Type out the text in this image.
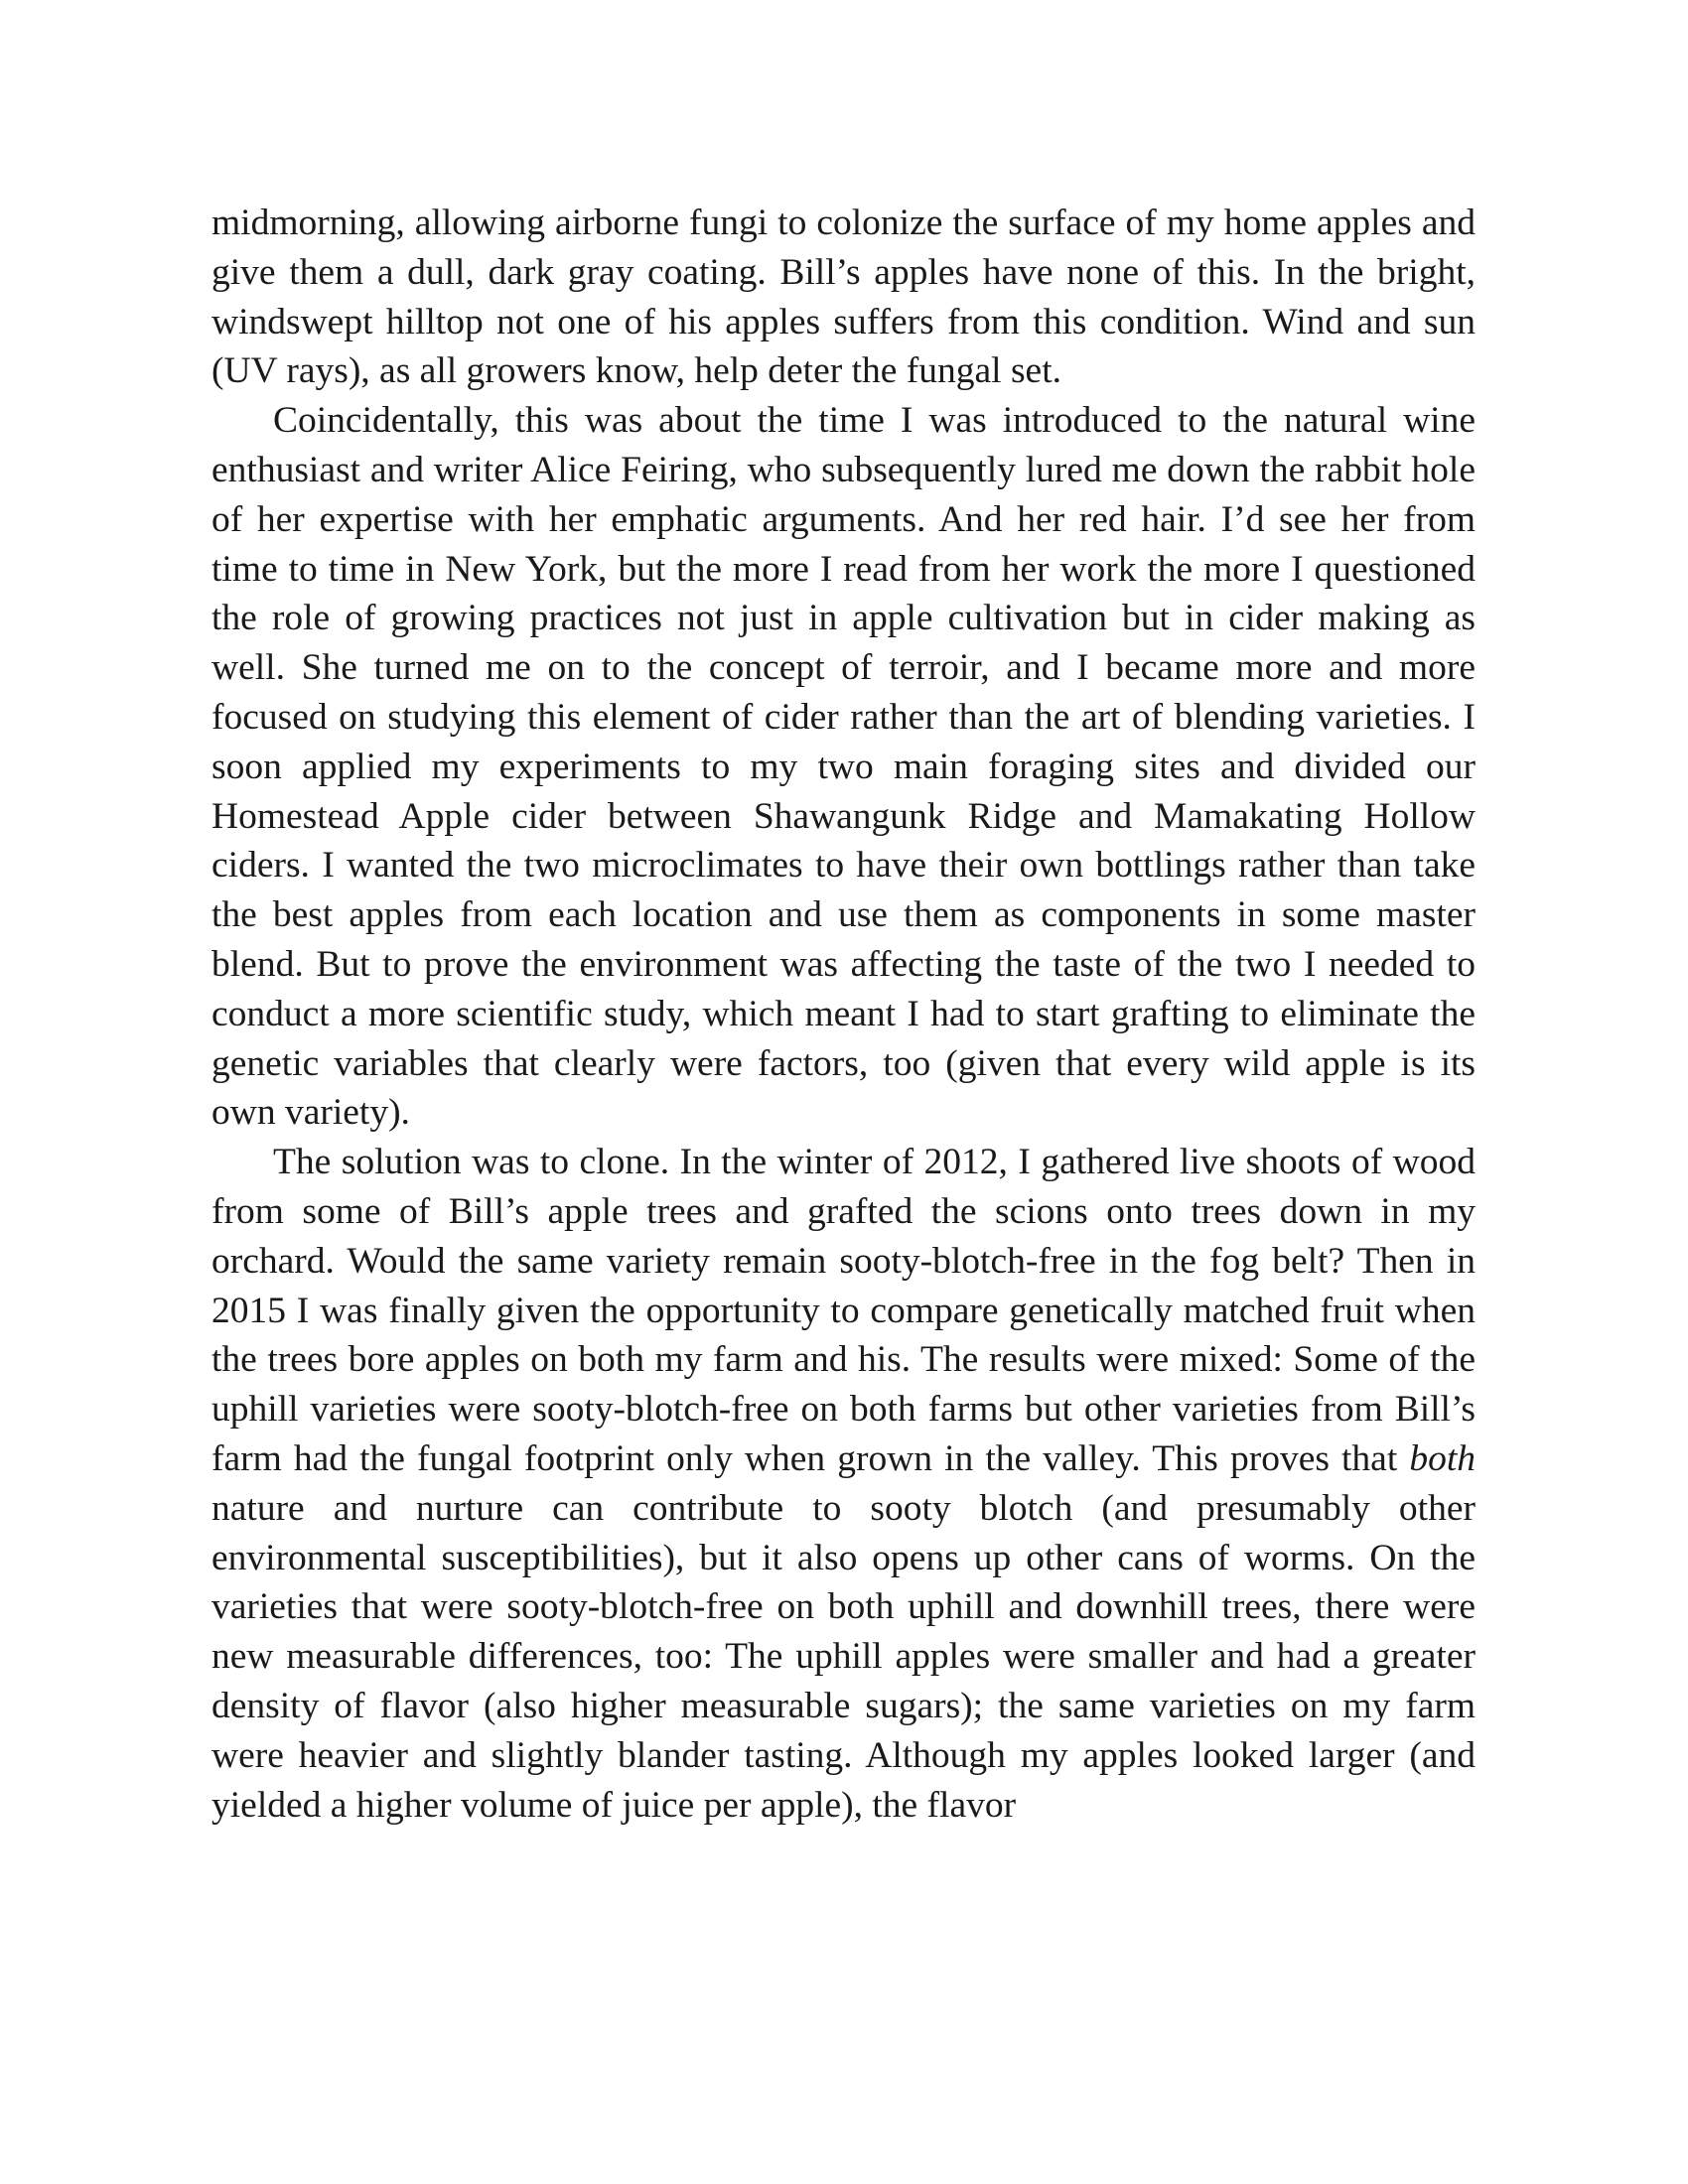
midmorning, allowing airborne fungi to colonize the surface of my home apples and give them a dull, dark gray coating. Bill’s apples have none of this. In the bright, windswept hilltop not one of his apples suffers from this condition. Wind and sun (UV rays), as all growers know, help deter the fungal set.

Coincidentally, this was about the time I was introduced to the natural wine enthusiast and writer Alice Feiring, who subsequently lured me down the rabbit hole of her expertise with her emphatic arguments. And her red hair. I’d see her from time to time in New York, but the more I read from her work the more I questioned the role of growing practices not just in apple cultivation but in cider making as well. She turned me on to the concept of terroir, and I became more and more focused on studying this element of cider rather than the art of blending varieties. I soon applied my experiments to my two main foraging sites and divided our Homestead Apple cider between Shawangunk Ridge and Mamakating Hollow ciders. I wanted the two microclimates to have their own bottlings rather than take the best apples from each location and use them as components in some master blend. But to prove the environment was affecting the taste of the two I needed to conduct a more scientific study, which meant I had to start grafting to eliminate the genetic variables that clearly were factors, too (given that every wild apple is its own variety).

The solution was to clone. In the winter of 2012, I gathered live shoots of wood from some of Bill’s apple trees and grafted the scions onto trees down in my orchard. Would the same variety remain sooty-blotch-free in the fog belt? Then in 2015 I was finally given the opportunity to compare genetically matched fruit when the trees bore apples on both my farm and his. The results were mixed: Some of the uphill varieties were sooty-blotch-free on both farms but other varieties from Bill’s farm had the fungal footprint only when grown in the valley. This proves that both nature and nurture can contribute to sooty blotch (and presumably other environmental susceptibilities), but it also opens up other cans of worms. On the varieties that were sooty-blotch-free on both uphill and downhill trees, there were new measurable differences, too: The uphill apples were smaller and had a greater density of flavor (also higher measurable sugars); the same varieties on my farm were heavier and slightly blander tasting. Although my apples looked larger (and yielded a higher volume of juice per apple), the flavor
